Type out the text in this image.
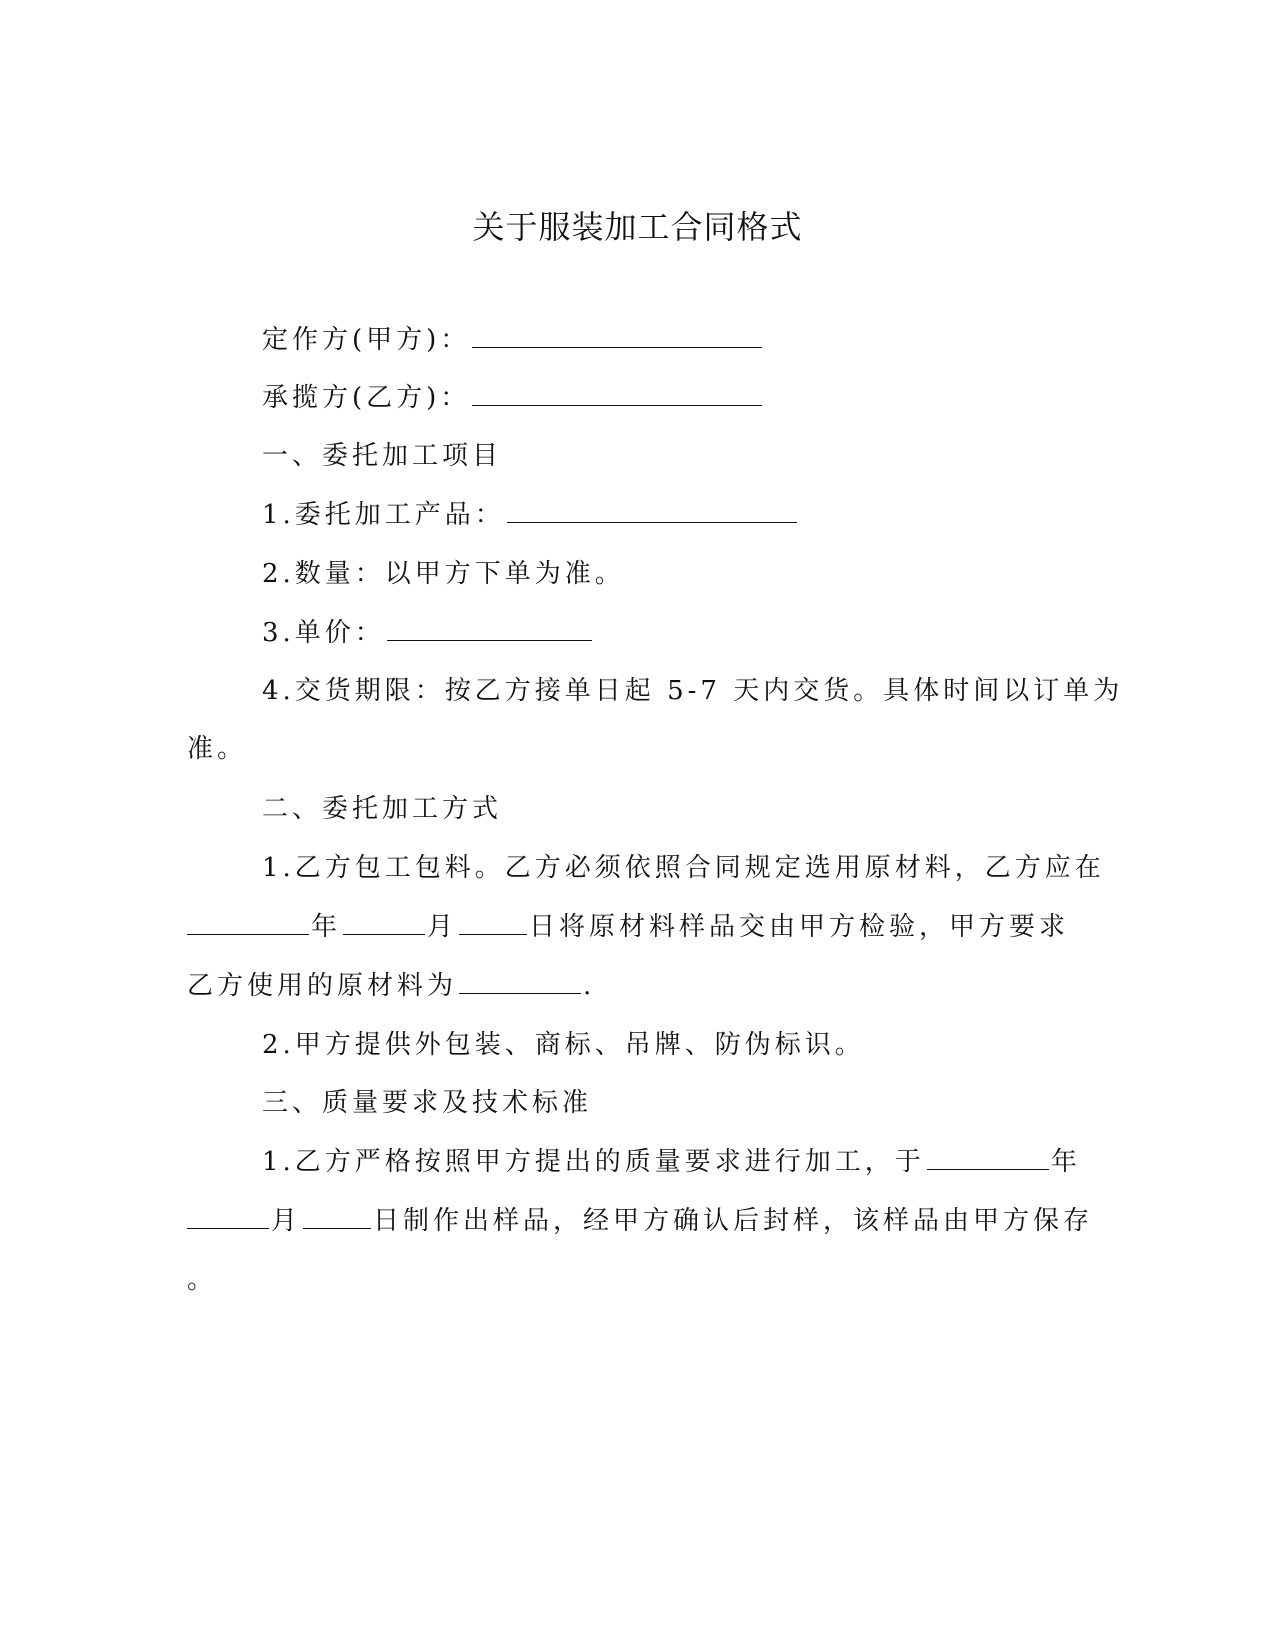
关于服装加工合同格式

定作方(甲方)：

承揽方(乙方)：

一、委托加工项目

1.委托加工产品：

2.数量：以甲方下单为准。

3.单价：

4.交货期限：按乙方接单日起 5-7 天内交货。具体时间以订单为

准。

二、委托加工方式

1.乙方包工包料。乙方必须依照合同规定选用原材料，乙方应在

年	月	日将原材料样品交由甲方检验，甲方要求

乙方使用的原材料为	.

2.甲方提供外包装、商标、吊牌、防伪标识。

三、质量要求及技术标准

1.乙方严格按照甲方提出的质量要求进行加工，于	年

月	日制作出样品，经甲方确认后封样，该样品由甲方保存

。
